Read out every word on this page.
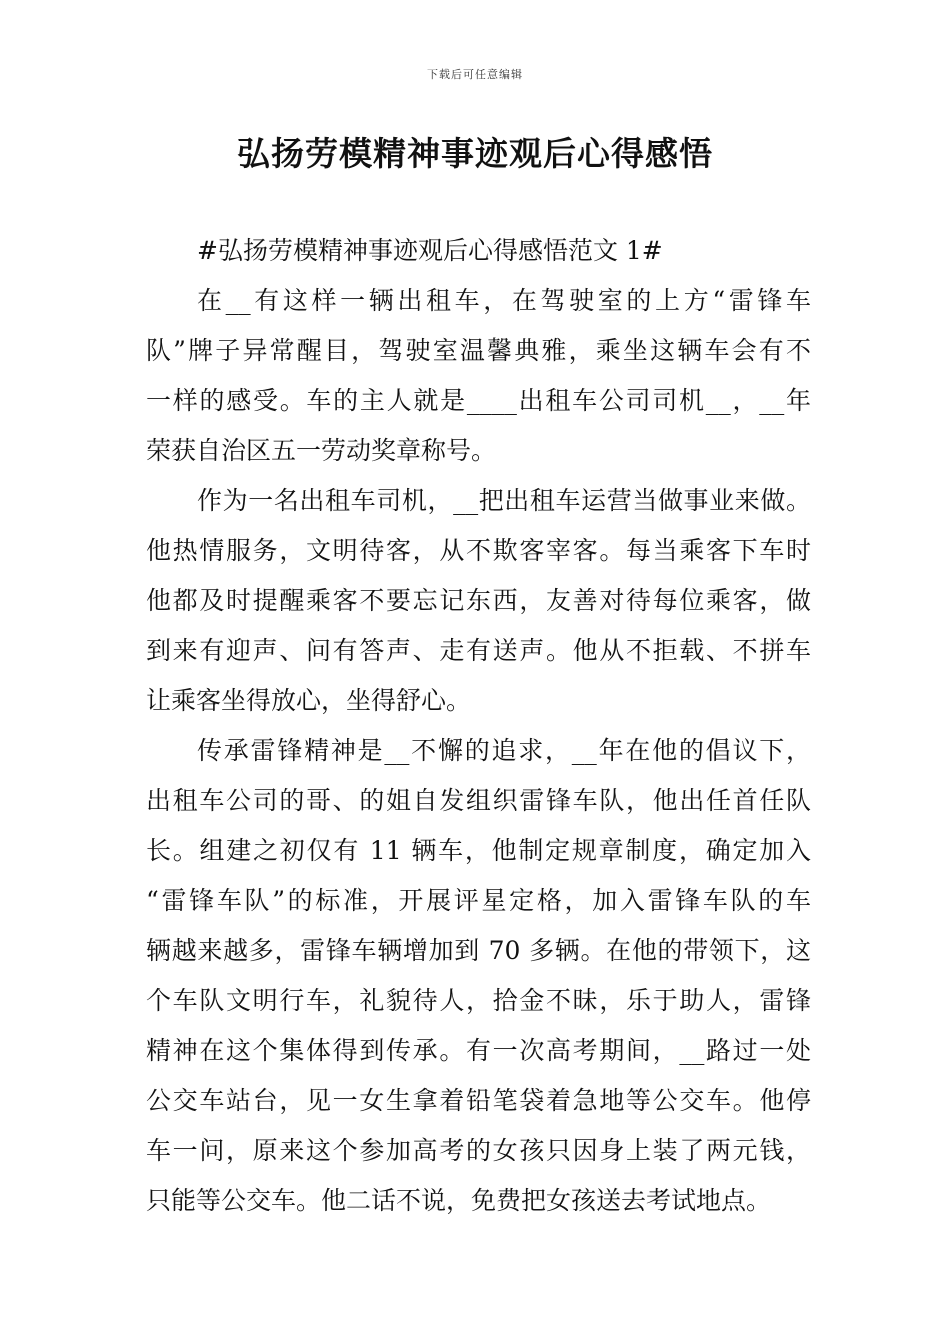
下载后可任意编辑
弘扬劳模精神事迹观后心得感悟
#弘扬劳模精神事迹观后心得感悟范文 1#
在__有这样一辆出租车，在驾驶室的上方“雷锋车
队”牌子异常醒目，驾驶室温馨典雅，乘坐这辆车会有不
一样的感受。车的主人就是____出租车公司司机__，__年
荣获自治区五一劳动奖章称号。
作为一名出租车司机，__把出租车运营当做事业来做。
他热情服务，文明待客，从不欺客宰客。每当乘客下车时
他都及时提醒乘客不要忘记东西，友善对待每位乘客，做
到来有迎声、问有答声、走有送声。他从不拒载、不拼车
让乘客坐得放心，坐得舒心。
传承雷锋精神是__不懈的追求，__年在他的倡议下，
出租车公司的哥、的姐自发组织雷锋车队，他出任首任队
长。组建之初仅有 11 辆车，他制定规章制度，确定加入
“雷锋车队”的标准，开展评星定格，加入雷锋车队的车
辆越来越多，雷锋车辆增加到 70 多辆。在他的带领下，这
个车队文明行车，礼貌待人，拾金不昧，乐于助人，雷锋
精神在这个集体得到传承。有一次高考期间，__路过一处
公交车站台，见一女生拿着铅笔袋着急地等公交车。他停
车一问，原来这个参加高考的女孩只因身上装了两元钱，
只能等公交车。他二话不说，免费把女孩送去考试地点。
